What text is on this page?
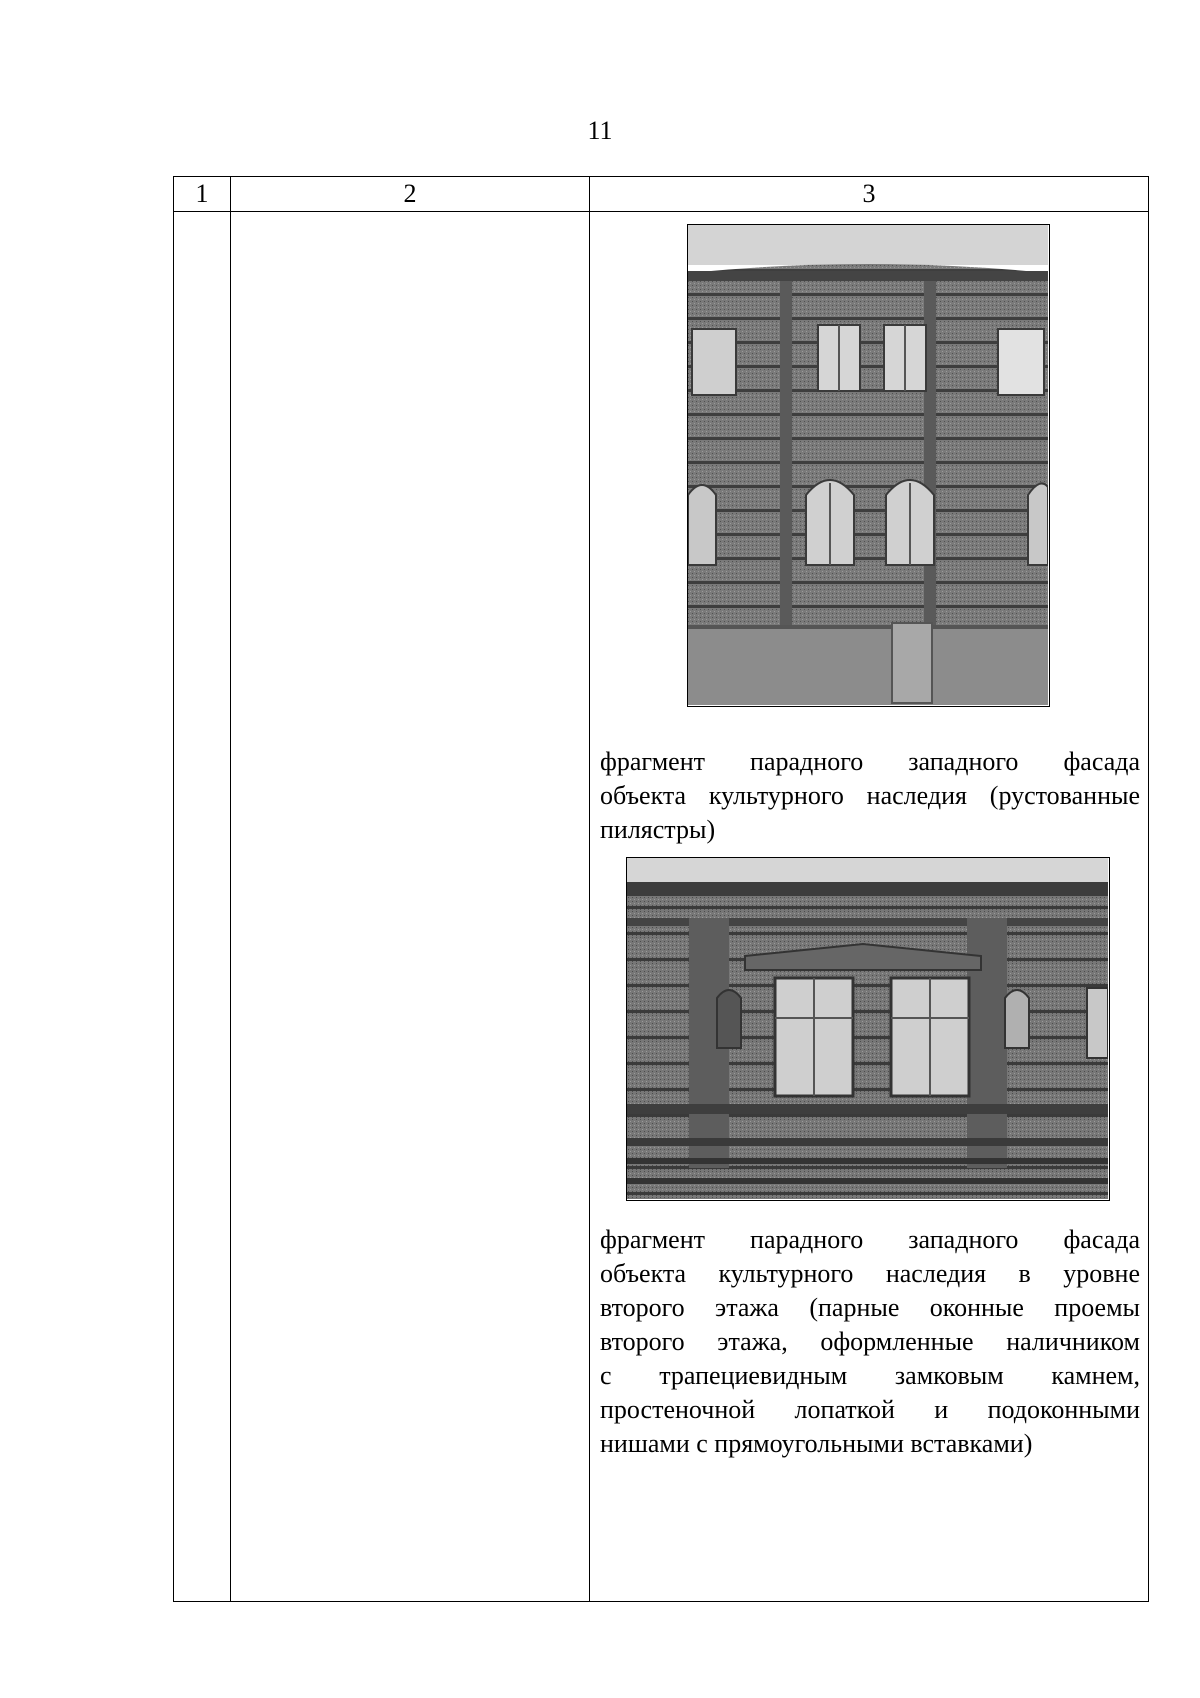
11
1	2	3
фрагмент парадного западного фасада
объекта культурного наследия (рустованные
пилястры)
фрагмент парадного западного фасада
объекта культурного наследия в уровне
второго этажа (парные оконные проемы
второго этажа, оформленные наличником
с трапециевидным замковым камнем,
простеночной лопаткой и подоконными
нишами с прямоугольными вставками)
